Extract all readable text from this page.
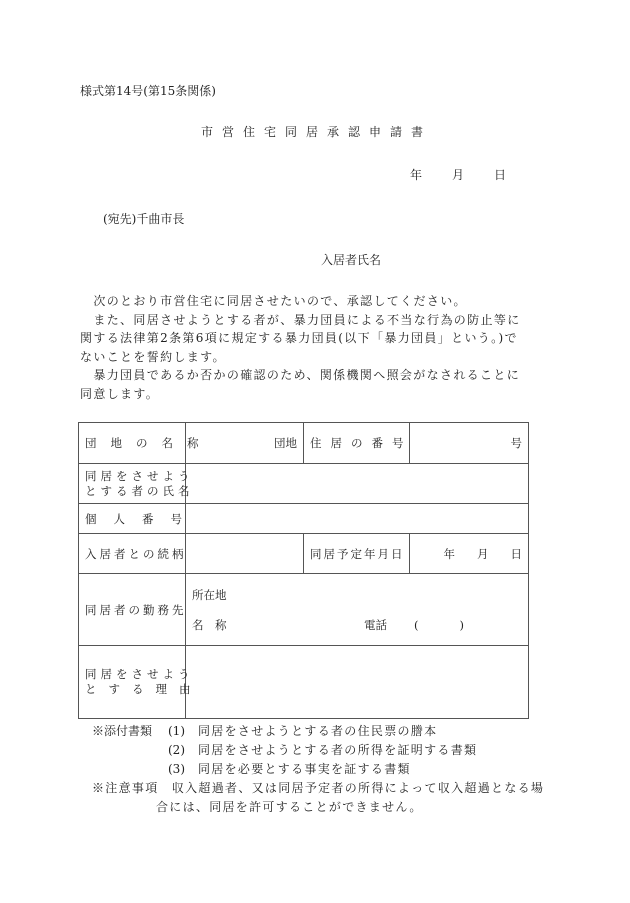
様式第14号(第15条関係)
市営住宅同居承認申請書
年	月	日
(宛先)千曲市長
入居者氏名

　次のとおり市営住宅に同居させたいので、承認してください。

　また、同居させようとする者が、暴力団員による不当な行為の防止等に関する法律第2条第6項に規定する暴力団員(以下「暴力団員」という。)でないことを誓約します。

　暴力団員であるか否かの確認のため、関係機関へ照会がなされることに同意します。

団地の名称	団地	住居の番号	号

同居をさせよう
とする者の氏名			

個人番号			
入居者との続柄		同居予定年月日	年 月 日
同居者の勤務先	所在地
名　称 電話 (　　)		

同居をさせよう
とする理由			

※添付書類	(1)	同居をさせようとする者の住民票の謄本
(2)	同居をさせようとする者の所得を証明する書類
(3)	同居を必要とする事実を証する書類
※注意事項　 収入超過者、又は同居予定者の所得によって収入超過となる場
合には、同居を許可することができません。
